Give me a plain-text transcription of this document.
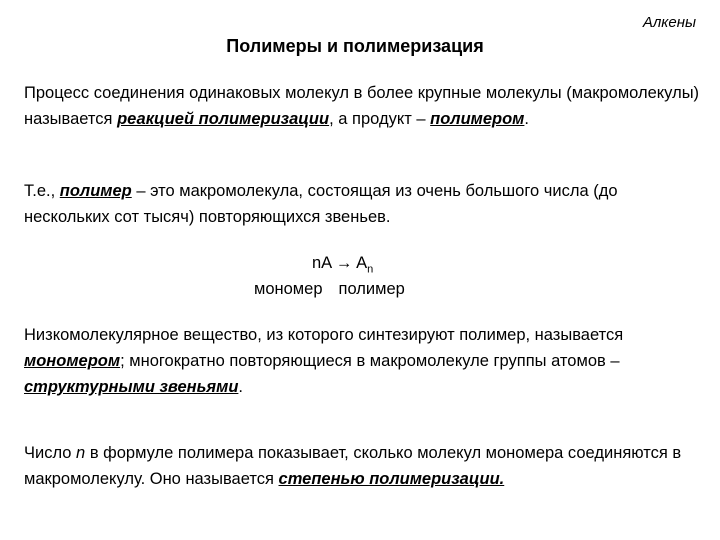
Алкены
Полимеры и полимеризация
Процесс соединения одинаковых молекул в более крупные молекулы (макромолекулы) называется реакцией полимеризации, а продукт – полимером.
Т.е., полимер – это макромолекула, состоящая из очень большого числа (до нескольких сот тысяч) повторяющихся звеньев.
nA → $A_n$
мономер полимер
Низкомолекулярное вещество, из которого синтезируют полимер, называется мономером; многократно повторяющиеся в макромолекуле группы атомов – структурными звеньями.
Число n в формуле полимера показывает, сколько молекул мономера соединяются в макромолекулу. Оно называется степенью полимеризации.
